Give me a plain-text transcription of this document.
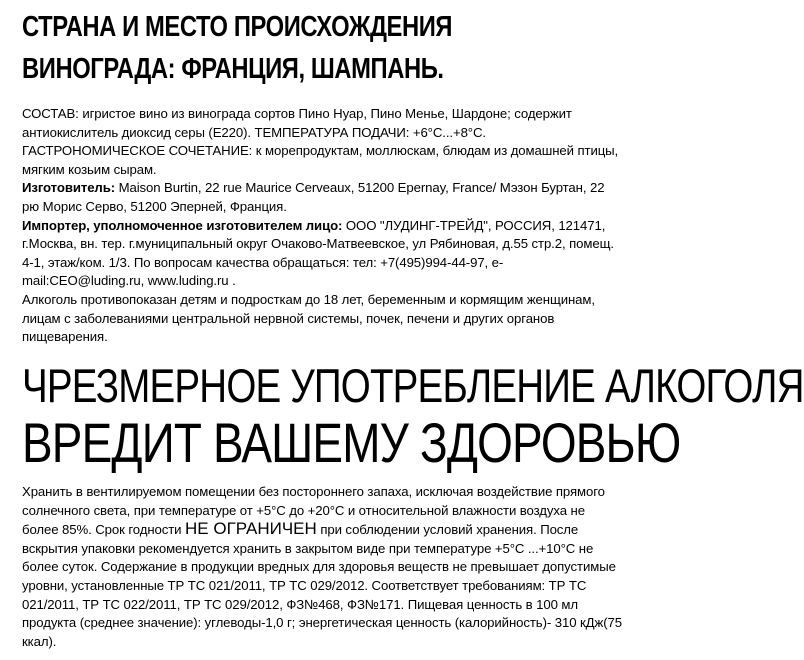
СТРАНА И МЕСТО ПРОИСХОЖДЕНИЯ
ВИНОГРАДА: ФРАНЦИЯ, ШАМПАНЬ.

СОСТАВ: игристое вино из винограда сортов Пино Нуар, Пино Менье, Шардоне; содержит антиокислитель диоксид серы (Е220). ТЕМПЕРАТУРА ПОДАЧИ: +6°С...+8°С.

ГАСТРОНОМИЧЕСКОЕ СОЧЕТАНИЕ: к морепродуктам, моллюскам, блюдам из домашней птицы, мягким козьим сырам.

Изготовитель: Maison Burtin, 22 rue Maurice Cerveaux, 51200 Epernay, France/ Мэзон Буртан, 22 рю Морис Серво, 51200 Эперней, Франция.

Импортер, уполномоченное изготовителем лицо: ООО "ЛУДИНГ-ТРЕЙД", РОССИЯ, 121471, г.Москва, вн. тер. г.муниципальный округ Очаково-Матвеевское, ул Рябиновая, д.55 стр.2, помещ. 4-1, этаж/ком. 1/3. По вопросам качества обращаться: тел: +7(495)994-44-97, e-mail:CEO@luding.ru, www.luding.ru .

Алкоголь противопоказан детям и подросткам до 18 лет, беременным и кормящим женщинам, лицам с заболеваниями центральной нервной системы, почек, печени и других органов пищеварения.

ЧРЕЗМЕРНОЕ УПОТРЕБЛЕНИЕ АЛКОГОЛЯ
ВРЕДИТ ВАШЕМУ ЗДОРОВЬЮ

Хранить в вентилируемом помещении без постороннего запаха, исключая воздействие прямого солнечного света, при температуре от +5°С до +20°С и относительной влажности воздуха не более 85%. Срок годности НЕ ОГРАНИЧЕН при соблюдении условий хранения. После вскрытия упаковки рекомендуется хранить в закрытом виде при температуре +5°С ...+10°С не более суток. Содержание в продукции вредных для здоровья веществ не превышает допустимые уровни, установленные ТР ТС 021/2011, ТР ТС 029/2012. Соответствует требованиям: ТР ТС 021/2011, ТР ТС 022/2011, ТР ТС 029/2012, ФЗ№468, ФЗ№171. Пищевая ценность в 100 мл продукта (среднее значение): углеводы-1,0 г; энергетическая ценность (калорийность)- 310 кДж(75 ккал).
